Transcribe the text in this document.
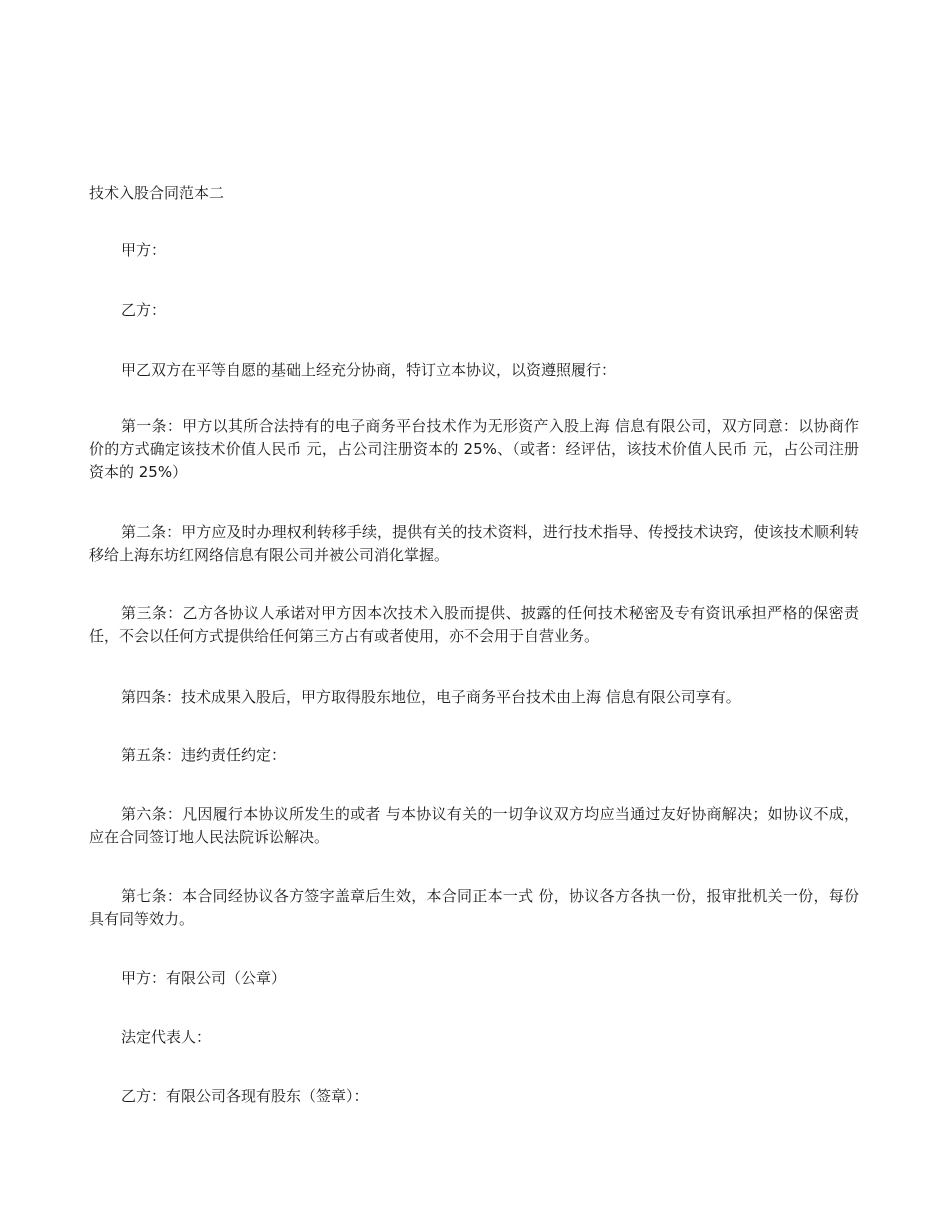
技术入股合同范本二

甲方：

乙方：

甲乙双方在平等自愿的基础上经充分协商，特订立本协议，以资遵照履行：

第一条：甲方以其所合法持有的电子商务平台技术作为无形资产入股上海 信息有限公司，双方同意：以协商作价的方式确定该技术价值人民币 元，占公司注册资本的 25%、（或者：经评估，该技术价值人民币 元，占公司注册资本的 25%）

第二条：甲方应及时办理权利转移手续，提供有关的技术资料，进行技术指导、传授技术诀窍，使该技术顺利转移给上海东坊红网络信息有限公司并被公司消化掌握。

第三条：乙方各协议人承诺对甲方因本次技术入股而提供、披露的任何技术秘密及专有资讯承担严格的保密责任，不会以任何方式提供给任何第三方占有或者使用，亦不会用于自营业务。

第四条：技术成果入股后，甲方取得股东地位，电子商务平台技术由上海 信息有限公司享有。

第五条：违约责任约定：

第六条：凡因履行本协议所发生的或者 与本协议有关的一切争议双方均应当通过友好协商解决；如协议不成，应在合同签订地人民法院诉讼解决。

第七条：本合同经协议各方签字盖章后生效，本合同正本一式 份，协议各方各执一份，报审批机关一份，每份具有同等效力。

甲方：有限公司（公章）

法定代表人：

乙方：有限公司各现有股东（签章）：
